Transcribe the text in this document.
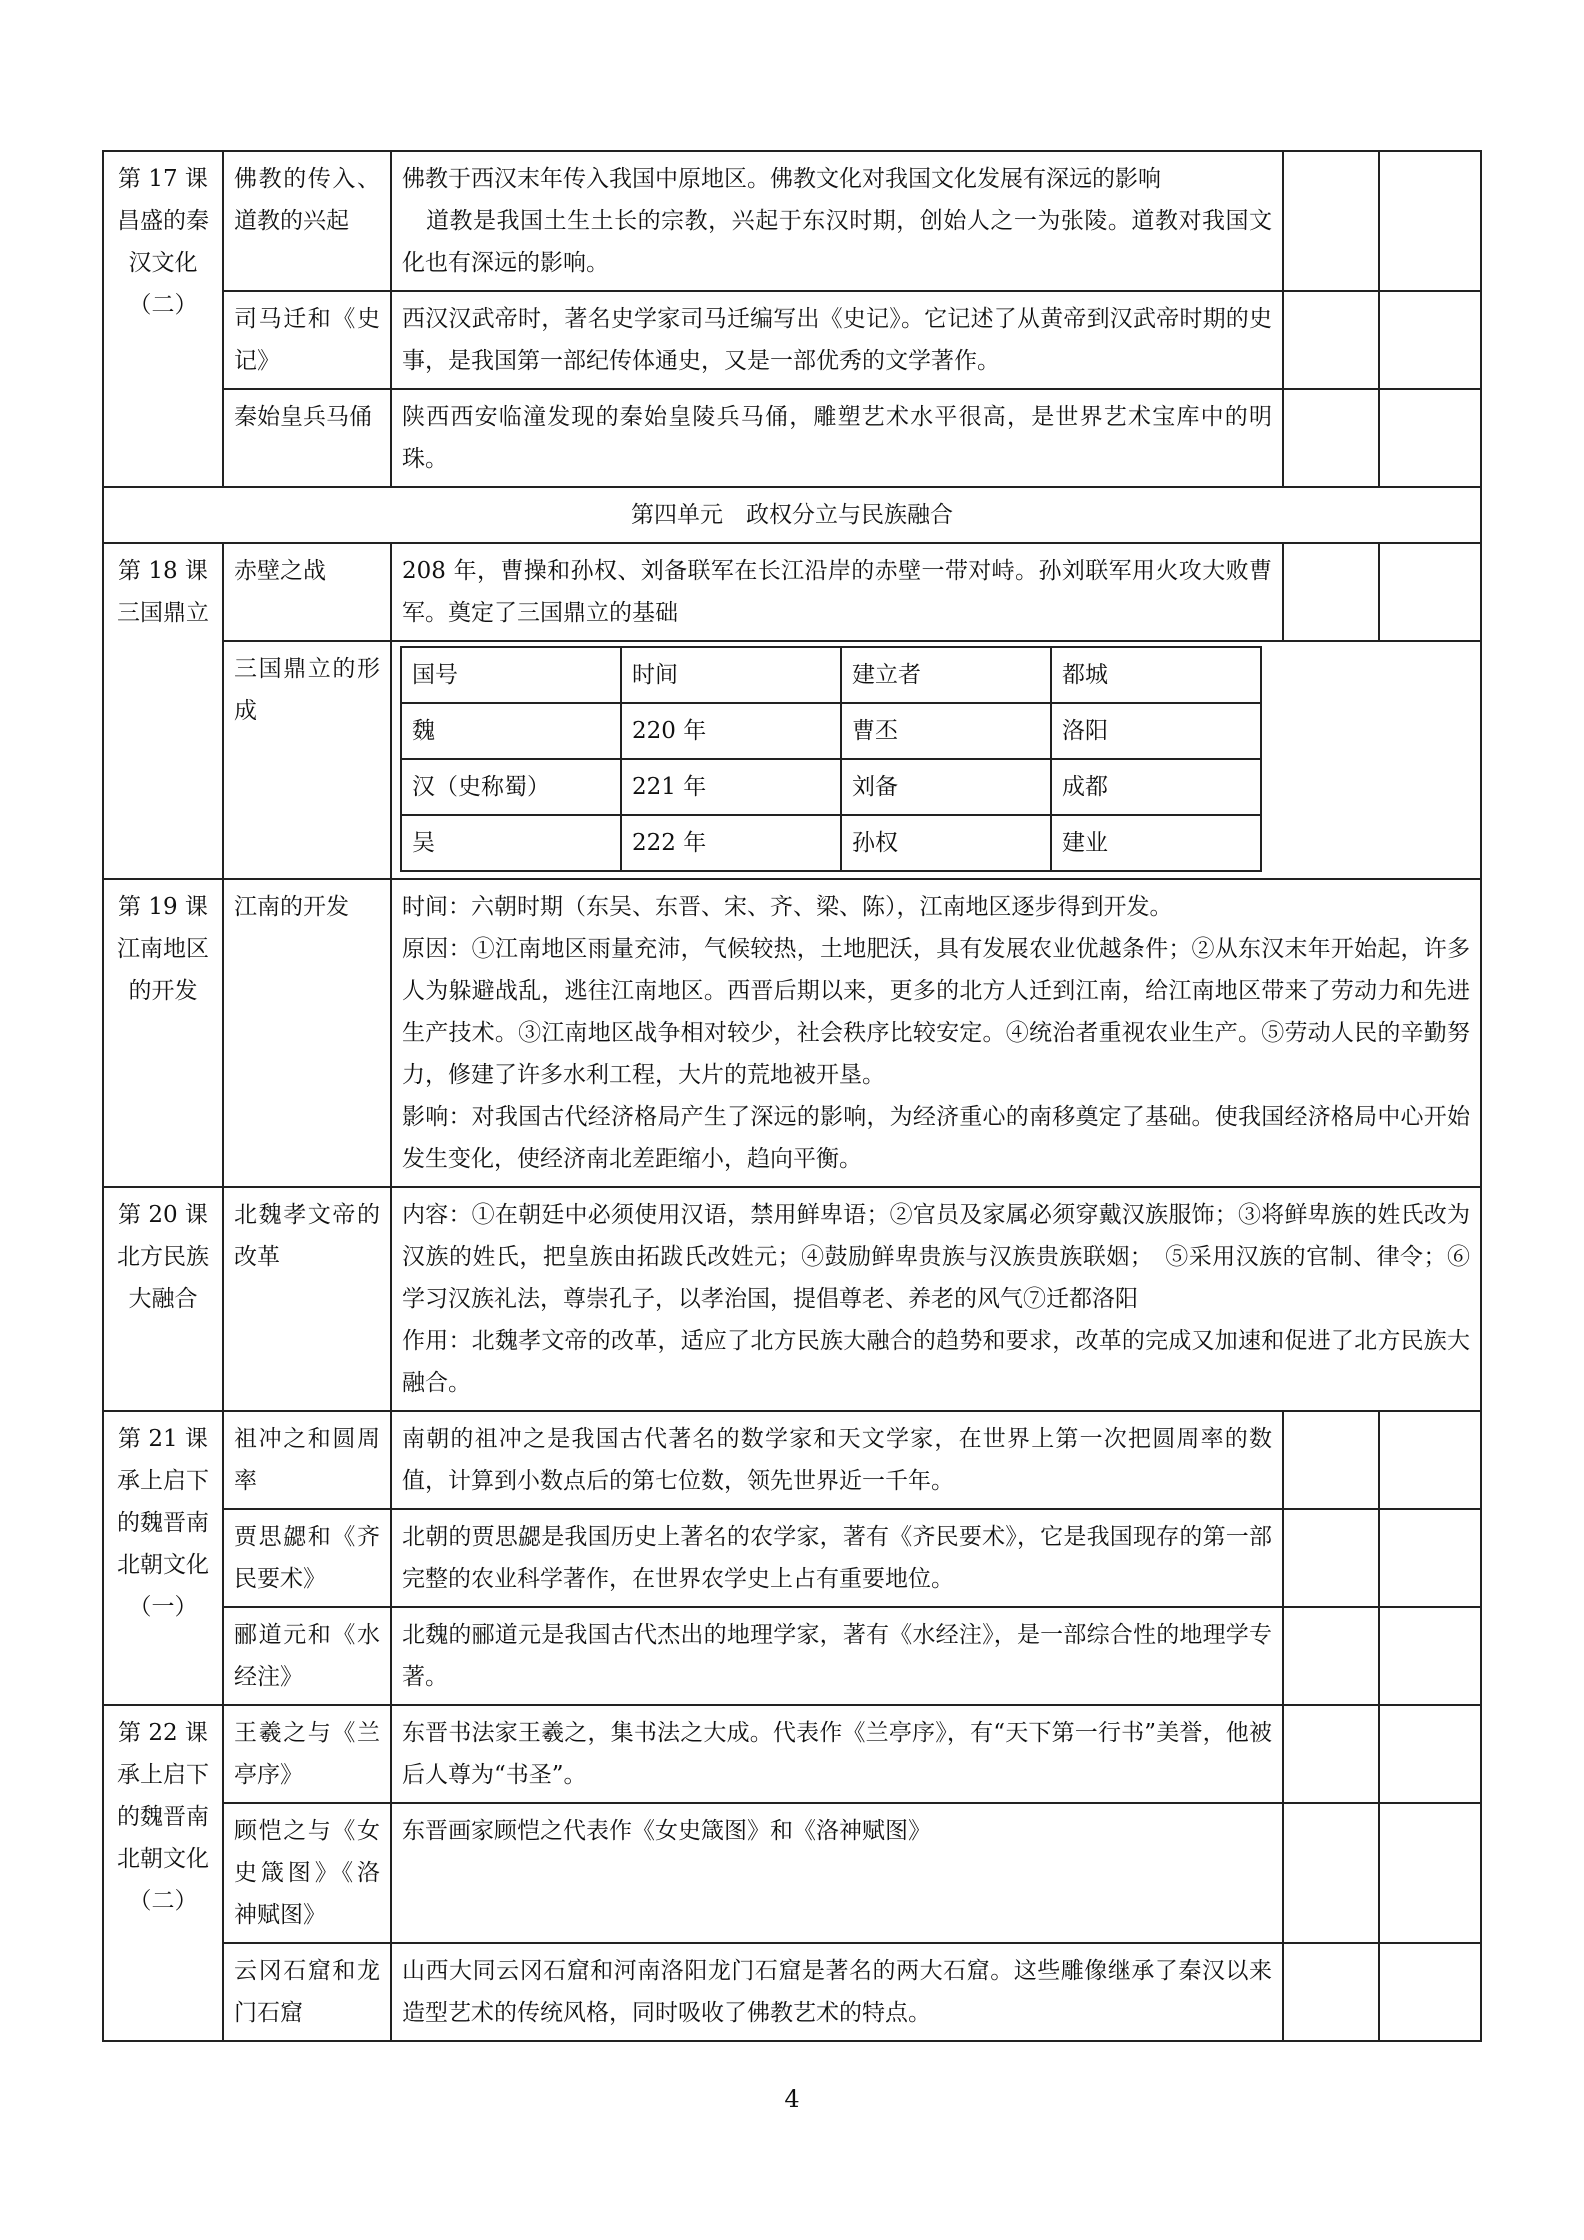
第 17 课昌盛的秦汉文化（二）	佛教的传入、道教的兴起	
佛教于西汉末年传入我国中原地区。佛教文化对我国文化发展有深远的影响
道教是我国土生土长的宗教，兴起于东汉时期，创始人之一为张陵。道教对我国文化也有深远的影响。

司马迁和《史记》	西汉汉武帝时，著名史学家司马迁编写出《史记》。它记述了从黄帝到汉武帝时期的史事，是我国第一部纪传体通史，又是一部优秀的文学著作。		
秦始皇兵马俑	陕西西安临潼发现的秦始皇陵兵马俑，雕塑艺术水平很高，是世界艺术宝库中的明珠。		
第四单元　政权分立与民族融合
第 18 课三国鼎立	赤壁之战	208 年，曹操和孙权、刘备联军在长江沿岸的赤壁一带对峙。孙刘联军用火攻大败曹军。奠定了三国鼎立的基础		
三国鼎立的形成	
国号	时间	建立者	都城
魏	220 年	曹丕	洛阳
汉（史称蜀）	221 年	刘备	成都
吴	222 年	孙权	建业

第 19 课江南地区的开发	江南的开发	时间：六朝时期（东吴、东晋、宋、齐、梁、陈），江南地区逐步得到开发。
原因：①江南地区雨量充沛，气候较热，土地肥沃，具有发展农业优越条件；②从东汉末年开始起，许多人为躲避战乱，逃往江南地区。西晋后期以来，更多的北方人迁到江南，给江南地区带来了劳动力和先进生产技术。③江南地区战争相对较少，社会秩序比较安定。④统治者重视农业生产。⑤劳动人民的辛勤努力，修建了许多水利工程，大片的荒地被开垦。
影响：对我国古代经济格局产生了深远的影响，为经济重心的南移奠定了基础。使我国经济格局中心开始发生变化，使经济南北差距缩小，趋向平衡。

第 20 课北方民族大融合	北魏孝文帝的改革	
内容：①在朝廷中必须使用汉语，禁用鲜卑语；②官员及家属必须穿戴汉族服饰；③将鲜卑族的姓氏改为汉族的姓氏，把皇族由拓跋氏改姓元；④鼓励鲜卑贵族与汉族贵族联姻；　⑤采用汉族的官制、律令；⑥学习汉族礼法，尊崇孔子，以孝治国，提倡尊老、养老的风气⑦迁都洛阳
作用：北魏孝文帝的改革，适应了北方民族大融合的趋势和要求，改革的完成又加速和促进了北方民族大融合。

第 21 课承上启下的魏晋南北朝文化（一）	祖冲之和圆周率	南朝的祖冲之是我国古代著名的数学家和天文学家，在世界上第一次把圆周率的数值，计算到小数点后的第七位数，领先世界近一千年。		
贾思勰和《齐民要术》	北朝的贾思勰是我国历史上著名的农学家，著有《齐民要术》，它是我国现存的第一部完整的农业科学著作，在世界农学史上占有重要地位。		
郦道元和《水经注》	北魏的郦道元是我国古代杰出的地理学家，著有《水经注》，是一部综合性的地理学专著。		
第 22 课承上启下的魏晋南北朝文化（二）	王羲之与《兰亭序》	东晋书法家王羲之，集书法之大成。代表作《兰亭序》，有“天下第一行书”美誉，他被后人尊为“书圣”。		
顾恺之与《女史箴图》《洛神赋图》	东晋画家顾恺之代表作《女史箴图》和《洛神赋图》		
云冈石窟和龙门石窟	山西大同云冈石窟和河南洛阳龙门石窟是著名的两大石窟。这些雕像继承了秦汉以来造型艺术的传统风格，同时吸收了佛教艺术的特点。		
4
